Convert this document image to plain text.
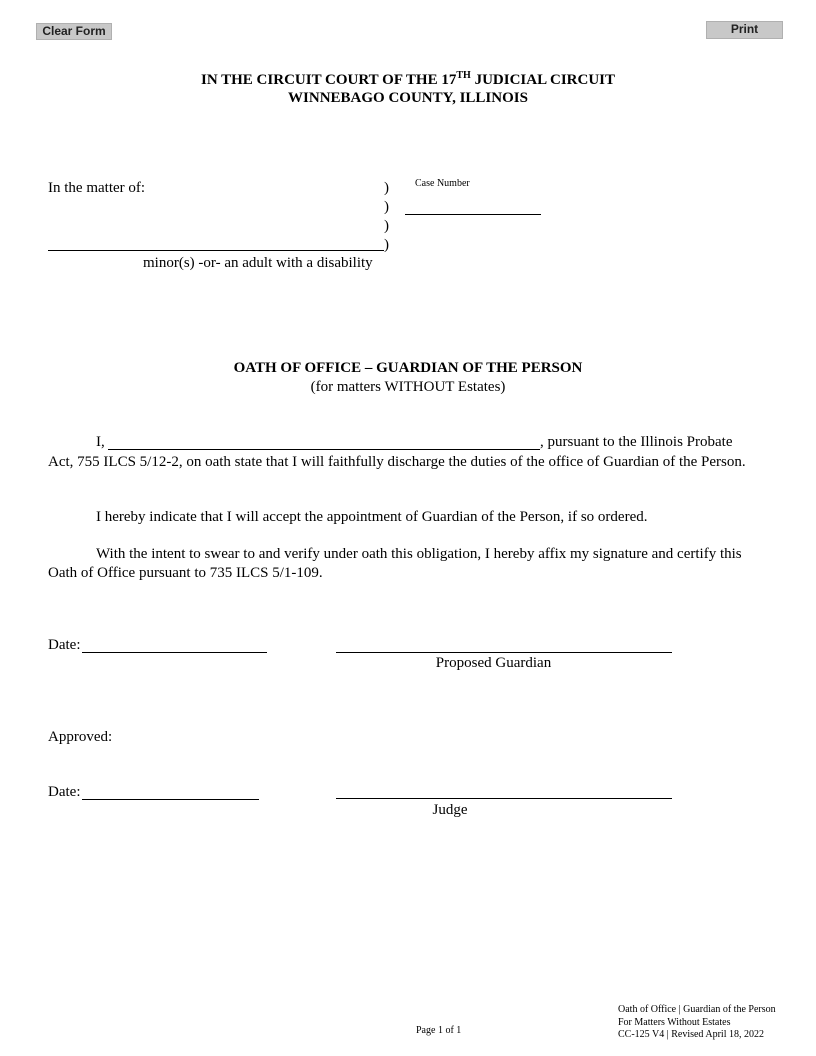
Clear Form	Print
IN THE CIRCUIT COURT OF THE 17TH JUDICIAL CIRCUIT
WINNEBAGO COUNTY, ILLINOIS
In the matter of:	)
)
)
)
minor(s) -or- an adult with a disability
Case Number
OATH OF OFFICE – GUARDIAN OF THE PERSON
(for matters WITHOUT Estates)
I,	, pursuant to the Illinois Probate
Act, 755 ILCS 5/12-2, on oath state that I will faithfully discharge the duties of the office of Guardian of the Person.
I hereby indicate that I will accept the appointment of Guardian of the Person, if so ordered.
With the intent to swear to and verify under oath this obligation, I hereby affix my signature and certify this Oath of Office pursuant to 735 ILCS 5/1-109.
Date:
Proposed Guardian
Approved:
Date:
Judge
Page 1 of 1
Oath of Office | Guardian of the Person
For Matters Without Estates
CC-125 V4 | Revised April 18, 2022
